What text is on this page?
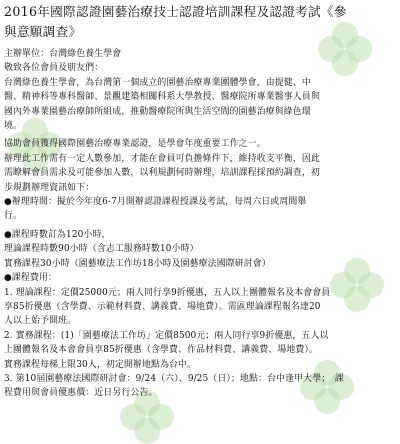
2016年國際認證園藝治療技士認證培訓課程及認證考試《參
與意願調查》
主辦單位：台灣綠色養生學會
敬致各位會員及朋友們：
台灣綠色養生學會，為台灣第一個成立的園藝治療專業團體學會，由提健、中
醫、精神科等專科醫師、景觀建築相關科系大學教授、醫療院所專業醫事人員與
國內外專業園藝治療師所組成，推動醫療院所與生活空間的園藝治療與綠色環
境。
協助會員獲得國際園藝治療專業認證，是學會年度重要工作之一。
辦理此工作需有一定人數參加，才能在會員可負擔條件下，維持收支平衡，因此
需瞭解會員需求及可能參加人數，以利規劃何時辦理，培訓課程採預約調查，初
步規劃辦理資訊如下：
●辦理時間：擬於今年度6-7月開辦認證課程授課及考試，每周六日或周間舉
行。
●課程時數訂為120小時，
理論課程時數90小時（含志工服務時數10小時）
實務課程30小時（園藝療法工作坊18小時及園藝療法國際研討會）
●課程費用：
1. 理論課程：定價25000元；兩人同行享9折優惠，五人以上團體報名及本會會員
享85折優惠（含學費、示範材料費、講義費、場地費）。需區理論課程報名達20
人以上始予開班。
2. 實務課程：(1)「園藝療法工作坊」定價8500元；兩人同行享9折優惠，五人以
上團體報名及本會會員享85折優惠（含學費、作品材料費、講義費、場地費）。
實務課程每梯上限30人，初定開辦地點為台中。
3. 第10屆園藝療法國際研討會：9/24（六）、9/25（日）；地點：台中逢甲大學；　課
程費用與會員優惠價：近日另行公告。
